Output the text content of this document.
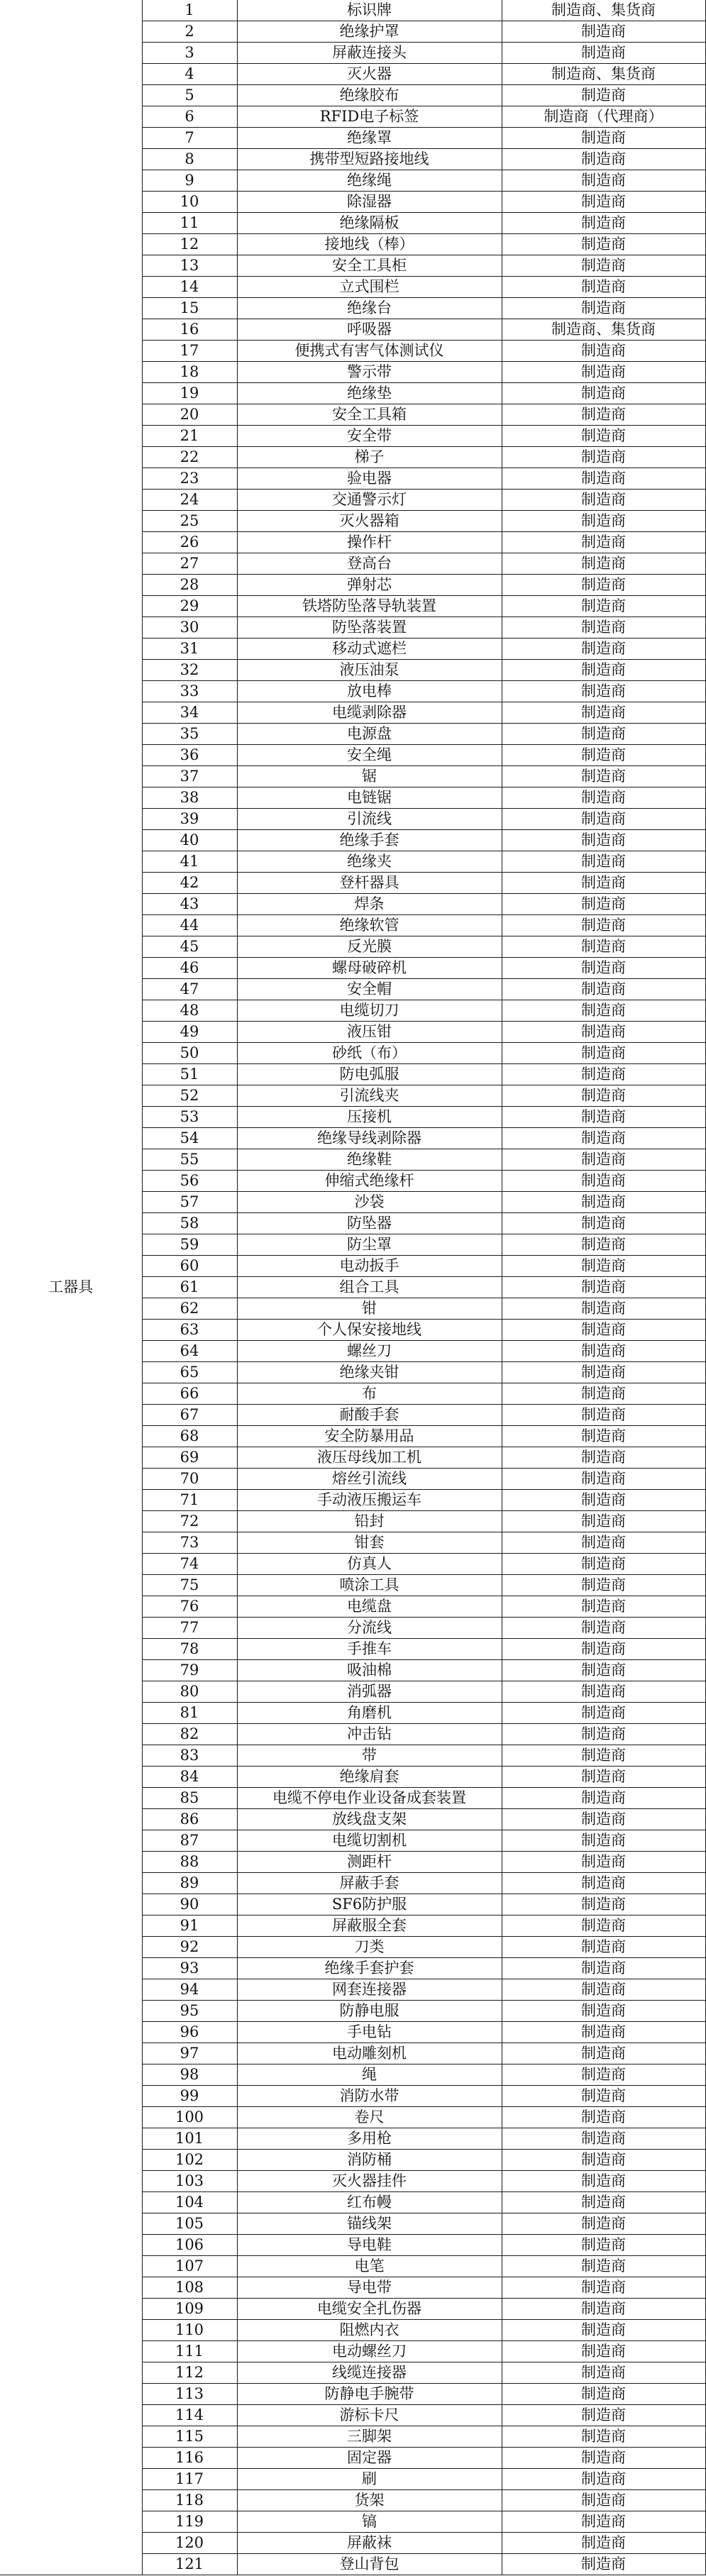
工器具	1	标识牌	制造商、集货商
	2	绝缘护罩	制造商
	3	屏蔽连接头	制造商
	4	灭火器	制造商、集货商
	5	绝缘胶布	制造商
	6	RFID电子标签	制造商（代理商）
	7	绝缘罩	制造商
	8	携带型短路接地线	制造商
	9	绝缘绳	制造商
	10	除湿器	制造商
	11	绝缘隔板	制造商
	12	接地线（棒）	制造商
	13	安全工具柜	制造商
	14	立式围栏	制造商
	15	绝缘台	制造商
	16	呼吸器	制造商、集货商
	17	便携式有害气体测试仪	制造商
	18	警示带	制造商
	19	绝缘垫	制造商
	20	安全工具箱	制造商
	21	安全带	制造商
	22	梯子	制造商
	23	验电器	制造商
	24	交通警示灯	制造商
	25	灭火器箱	制造商
	26	操作杆	制造商
	27	登高台	制造商
	28	弹射芯	制造商
	29	铁塔防坠落导轨装置	制造商
	30	防坠落装置	制造商
	31	移动式遮栏	制造商
	32	液压油泵	制造商
	33	放电棒	制造商
	34	电缆剥除器	制造商
	35	电源盘	制造商
	36	安全绳	制造商
	37	锯	制造商
	38	电链锯	制造商
	39	引流线	制造商
	40	绝缘手套	制造商
	41	绝缘夹	制造商
	42	登杆器具	制造商
	43	焊条	制造商
	44	绝缘软管	制造商
	45	反光膜	制造商
	46	螺母破碎机	制造商
	47	安全帽	制造商
	48	电缆切刀	制造商
	49	液压钳	制造商
	50	砂纸（布）	制造商
	51	防电弧服	制造商
	52	引流线夹	制造商
	53	压接机	制造商
	54	绝缘导线剥除器	制造商
	55	绝缘鞋	制造商
	56	伸缩式绝缘杆	制造商
	57	沙袋	制造商
	58	防坠器	制造商
	59	防尘罩	制造商
	60	电动扳手	制造商
	61	组合工具	制造商
	62	钳	制造商
	63	个人保安接地线	制造商
	64	螺丝刀	制造商
	65	绝缘夹钳	制造商
	66	布	制造商
	67	耐酸手套	制造商
	68	安全防暴用品	制造商
	69	液压母线加工机	制造商
	70	熔丝引流线	制造商
	71	手动液压搬运车	制造商
	72	铅封	制造商
	73	钳套	制造商
	74	仿真人	制造商
	75	喷涂工具	制造商
	76	电缆盘	制造商
	77	分流线	制造商
	78	手推车	制造商
	79	吸油棉	制造商
	80	消弧器	制造商
	81	角磨机	制造商
	82	冲击钻	制造商
	83	带	制造商
	84	绝缘肩套	制造商
	85	电缆不停电作业设备成套装置	制造商
	86	放线盘支架	制造商
	87	电缆切割机	制造商
	88	测距杆	制造商
	89	屏蔽手套	制造商
	90	SF6防护服	制造商
	91	屏蔽服全套	制造商
	92	刀类	制造商
	93	绝缘手套护套	制造商
	94	网套连接器	制造商
	95	防静电服	制造商
	96	手电钻	制造商
	97	电动雕刻机	制造商
	98	绳	制造商
	99	消防水带	制造商
	100	卷尺	制造商
	101	多用枪	制造商
	102	消防桶	制造商
	103	灭火器挂件	制造商
	104	红布幔	制造商
	105	锚线架	制造商
	106	导电鞋	制造商
	107	电笔	制造商
	108	导电带	制造商
	109	电缆安全扎伤器	制造商
	110	阻燃内衣	制造商
	111	电动螺丝刀	制造商
	112	线缆连接器	制造商
	113	防静电手腕带	制造商
	114	游标卡尺	制造商
	115	三脚架	制造商
	116	固定器	制造商
	117	刷	制造商
	118	货架	制造商
	119	镐	制造商
	120	屏蔽袜	制造商
	121	登山背包	制造商
